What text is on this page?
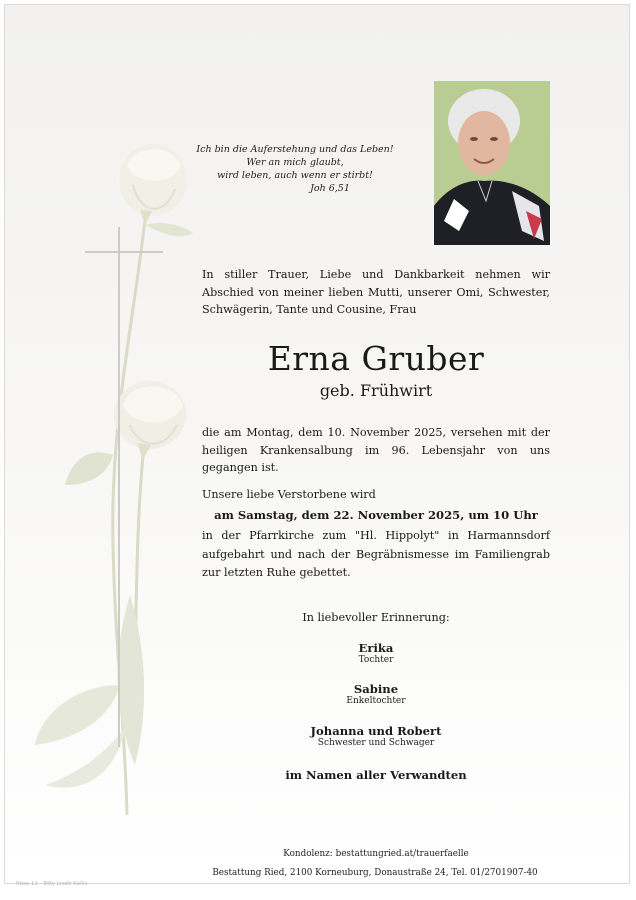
Ich bin die Auferstehung und das Leben!
Wer an mich glaubt,
wird leben, auch wenn er stirbt!
Joh 6,51
In stiller Trauer, Liebe und Dankbarkeit nehmen wir Abschied von meiner lieben Mutti, unserer Omi, Schwester, Schwägerin, Tante und Cousine, Frau
Erna Gruber
geb. Frühwirt
die am Montag, dem 10. November 2025, versehen mit der heiligen Krankensalbung im 96. Lebensjahr von uns gegangen ist.
Unsere liebe Verstorbene wird
am Samstag, dem 22. November 2025, um 10 Uhr
in der Pfarrkirche zum "Hl. Hippolyt" in Harmannsdorf aufgebahrt und nach der Begräbnismesse im Familiengrab zur letzten Ruhe gebettet.
In liebevoller Erinnerung:
Erika
Tochter
Sabine
Enkeltochter
Johanna und Robert
Schwester und Schwager
im Namen aller Verwandten
Kondolenz: bestattungried.at/trauerfaelle
Bestattung Ried, 2100 Korneuburg, Donaustraße 24, Tel. 01/2701907-40
Rose 11 - Billy Lisdit Kallis
